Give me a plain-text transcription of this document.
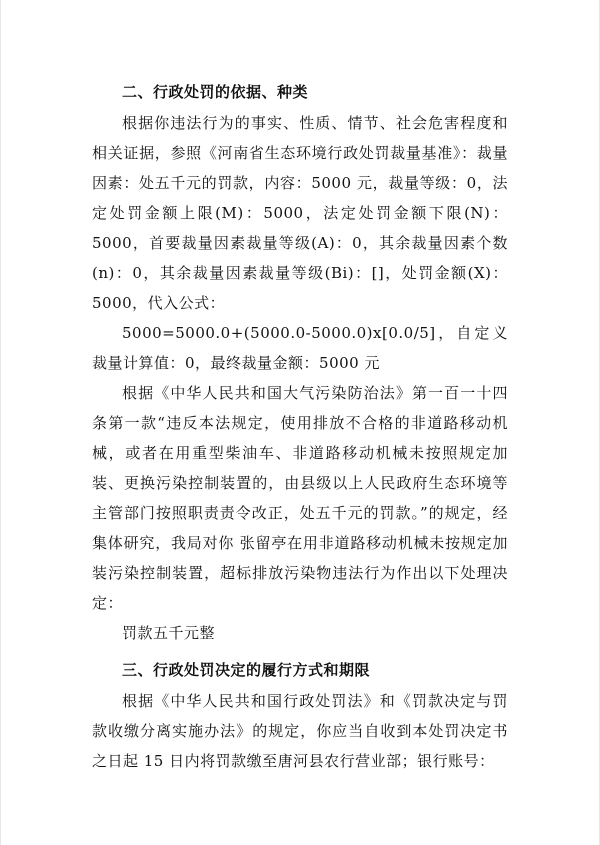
二、行政处罚的依据、种类

根据你违法行为的事实、性质、情节、社会危害程度和相关证据，参照《河南省生态环境行政处罚裁量基准》：裁量因素：处五千元的罚款，内容：5000 元，裁量等级：0，法定处罚金额上限(M)：5000，法定处罚金额下限(N)：5000，首要裁量因素裁量等级(A)：0，其余裁量因素个数(n)：0，其余裁量因素裁量等级(Bi)：[]，处罚金额(X)：5000，代入公式：

5000=5000.0+(5000.0-5000.0)x[0.0/5]，自定义裁量计算值：0，最终裁量金额：5000 元

根据《中华人民共和国大气污染防治法》第一百一十四条第一款“违反本法规定，使用排放不合格的非道路移动机械，或者在用重型柴油车、非道路移动机械未按照规定加装、更换污染控制装置的，由县级以上人民政府生态环境等主管部门按照职责责令改正，处五千元的罚款。”的规定，经集体研究，我局对你 张留亭在用非道路移动机械未按规定加装污染控制装置，超标排放污染物违法行为作出以下处理决定：

罚款五千元整

三、行政处罚决定的履行方式和期限

根据《中华人民共和国行政处罚法》和《罚款决定与罚款收缴分离实施办法》的规定，你应当自收到本处罚决定书之日起 15 日内将罚款缴至唐河县农行营业部；银行账号：
